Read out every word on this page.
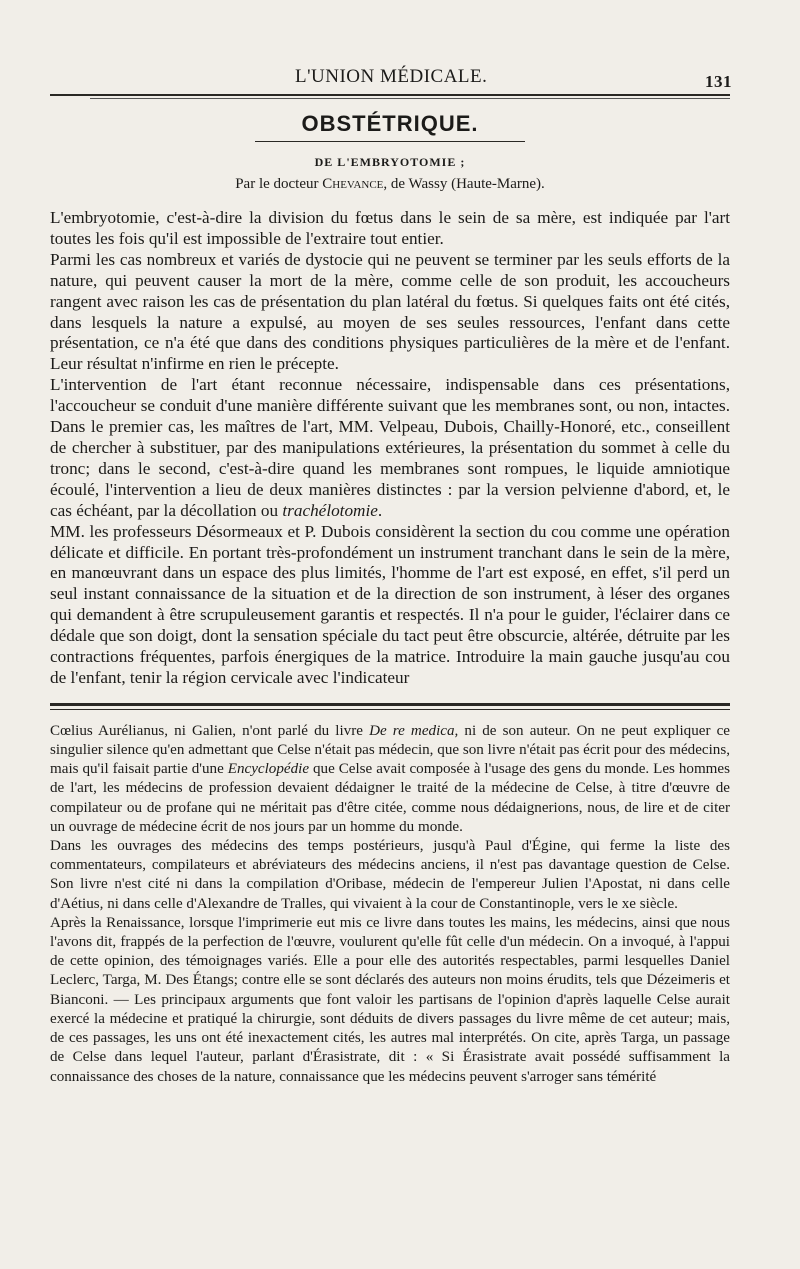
L'UNION MÉDICALE.	131
OBSTÉTRIQUE.
DE L'EMBRYOTOMIE ;
Par le docteur Chevance, de Wassy (Haute-Marne).

L'embryotomie, c'est-à-dire la division du fœtus dans le sein de sa mère, est indiquée par l'art toutes les fois qu'il est impossible de l'extraire tout entier.

Parmi les cas nombreux et variés de dystocie qui ne peuvent se terminer par les seuls efforts de la nature, qui peuvent causer la mort de la mère, comme celle de son produit, les accoucheurs rangent avec raison les cas de présentation du plan latéral du fœtus. Si quelques faits ont été cités, dans lesquels la nature a expulsé, au moyen de ses seules ressources, l'enfant dans cette présentation, ce n'a été que dans des conditions physiques particulières de la mère et de l'enfant. Leur résultat n'infirme en rien le précepte.

L'intervention de l'art étant reconnue nécessaire, indispensable dans ces présentations, l'accoucheur se conduit d'une manière différente suivant que les membranes sont, ou non, intactes. Dans le premier cas, les maîtres de l'art, MM. Velpeau, Dubois, Chailly-Honoré, etc., conseillent de chercher à substituer, par des manipulations extérieures, la présentation du sommet à celle du tronc; dans le second, c'est-à-dire quand les membranes sont rompues, le liquide amniotique écoulé, l'intervention a lieu de deux manières distinctes : par la version pelvienne d'abord, et, le cas échéant, par la décollation ou trachélotomie.

MM. les professeurs Désormeaux et P. Dubois considèrent la section du cou comme une opération délicate et difficile. En portant très-profondément un instrument tranchant dans le sein de la mère, en manœuvrant dans un espace des plus limités, l'homme de l'art est exposé, en effet, s'il perd un seul instant connaissance de la situation et de la direction de son instrument, à léser des organes qui demandent à être scrupuleusement garantis et respectés. Il n'a pour le guider, l'éclairer dans ce dédale que son doigt, dont la sensation spéciale du tact peut être obscurcie, altérée, détruite par les contractions fréquentes, parfois énergiques de la matrice. Introduire la main gauche jusqu'au cou de l'enfant, tenir la région cervicale avec l'indicateur

Cœlius Aurélianus, ni Galien, n'ont parlé du livre De re medica, ni de son auteur. On ne peut expliquer ce singulier silence qu'en admettant que Celse n'était pas médecin, que son livre n'était pas écrit pour des médecins, mais qu'il faisait partie d'une Encyclopédie que Celse avait composée à l'usage des gens du monde. Les hommes de l'art, les médecins de profession devaient dédaigner le traité de la médecine de Celse, à titre d'œuvre de compilateur ou de profane qui ne méritait pas d'être citée, comme nous dédaignerions, nous, de lire et de citer un ouvrage de médecine écrit de nos jours par un homme du monde.

Dans les ouvrages des médecins des temps postérieurs, jusqu'à Paul d'Égine, qui ferme la liste des commentateurs, compilateurs et abréviateurs des médecins anciens, il n'est pas davantage question de Celse. Son livre n'est cité ni dans la compilation d'Oribase, médecin de l'empereur Julien l'Apostat, ni dans celle d'Aétius, ni dans celle d'Alexandre de Tralles, qui vivaient à la cour de Constantinople, vers le xe siècle.

Après la Renaissance, lorsque l'imprimerie eut mis ce livre dans toutes les mains, les médecins, ainsi que nous l'avons dit, frappés de la perfection de l'œuvre, voulurent qu'elle fût celle d'un médecin. On a invoqué, à l'appui de cette opinion, des témoignages variés. Elle a pour elle des autorités respectables, parmi lesquelles Daniel Leclerc, Targa, M. Des Étangs; contre elle se sont déclarés des auteurs non moins érudits, tels que Dézeimeris et Bianconi. — Les principaux arguments que font valoir les partisans de l'opinion d'après laquelle Celse aurait exercé la médecine et pratiqué la chirurgie, sont déduits de divers passages du livre même de cet auteur; mais, de ces passages, les uns ont été inexactement cités, les autres mal interprétés. On cite, après Targa, un passage de Celse dans lequel l'auteur, parlant d'Érasistrate, dit : « Si Érasistrate avait possédé suffisamment la connaissance des choses de la nature, connaissance que les médecins peuvent s'arroger sans témérité
